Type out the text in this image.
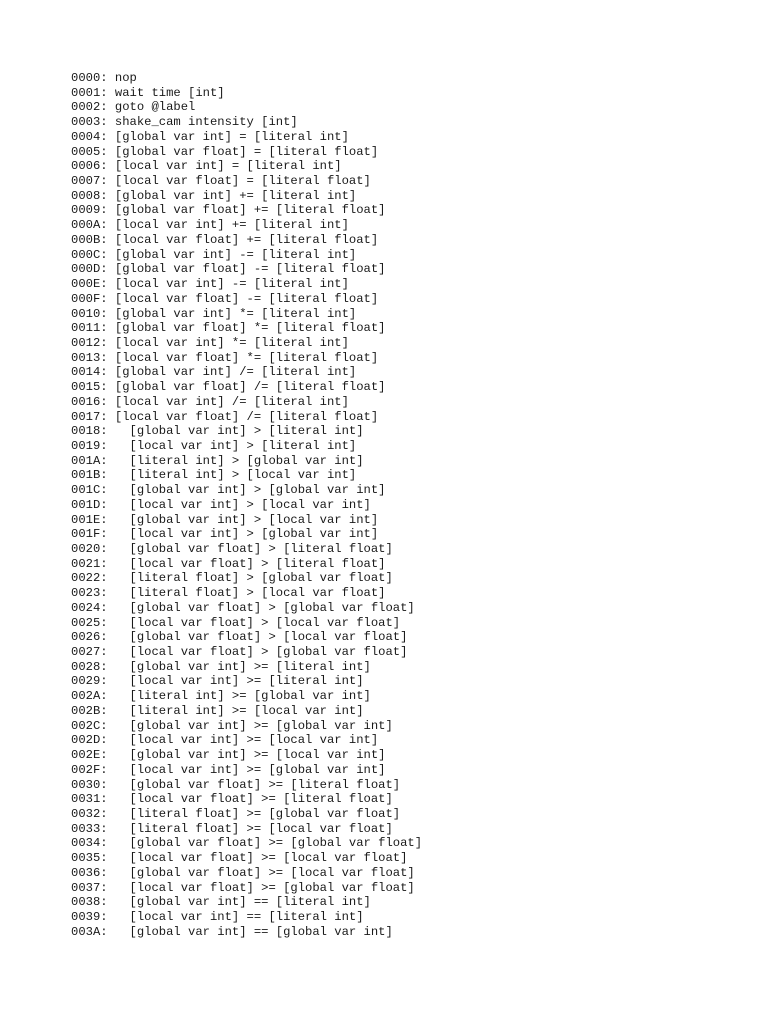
0000: nop
0001: wait time [int]
0002: goto @label
0003: shake_cam intensity [int]
0004: [global var int] = [literal int]
0005: [global var float] = [literal float]
0006: [local var int] = [literal int]
0007: [local var float] = [literal float]
0008: [global var int] += [literal int]
0009: [global var float] += [literal float]
000A: [local var int] += [literal int]
000B: [local var float] += [literal float]
000C: [global var int] -= [literal int]
000D: [global var float] -= [literal float]
000E: [local var int] -= [literal int]
000F: [local var float] -= [literal float]
0010: [global var int] *= [literal int]
0011: [global var float] *= [literal float]
0012: [local var int] *= [literal int]
0013: [local var float] *= [literal float]
0014: [global var int] /= [literal int]
0015: [global var float] /= [literal float]
0016: [local var int] /= [literal int]
0017: [local var float] /= [literal float]
0018:   [global var int] > [literal int]
0019:   [local var int] > [literal int]
001A:   [literal int] > [global var int]
001B:   [literal int] > [local var int]
001C:   [global var int] > [global var int]
001D:   [local var int] > [local var int]
001E:   [global var int] > [local var int]
001F:   [local var int] > [global var int]
0020:   [global var float] > [literal float]
0021:   [local var float] > [literal float]
0022:   [literal float] > [global var float]
0023:   [literal float] > [local var float]
0024:   [global var float] > [global var float]
0025:   [local var float] > [local var float]
0026:   [global var float] > [local var float]
0027:   [local var float] > [global var float]
0028:   [global var int] >= [literal int]
0029:   [local var int] >= [literal int]
002A:   [literal int] >= [global var int]
002B:   [literal int] >= [local var int]
002C:   [global var int] >= [global var int]
002D:   [local var int] >= [local var int]
002E:   [global var int] >= [local var int]
002F:   [local var int] >= [global var int]
0030:   [global var float] >= [literal float]
0031:   [local var float] >= [literal float]
0032:   [literal float] >= [global var float]
0033:   [literal float] >= [local var float]
0034:   [global var float] >= [global var float]
0035:   [local var float] >= [local var float]
0036:   [global var float] >= [local var float]
0037:   [local var float] >= [global var float]
0038:   [global var int] == [literal int]
0039:   [local var int] == [literal int]
003A:   [global var int] == [global var int]
